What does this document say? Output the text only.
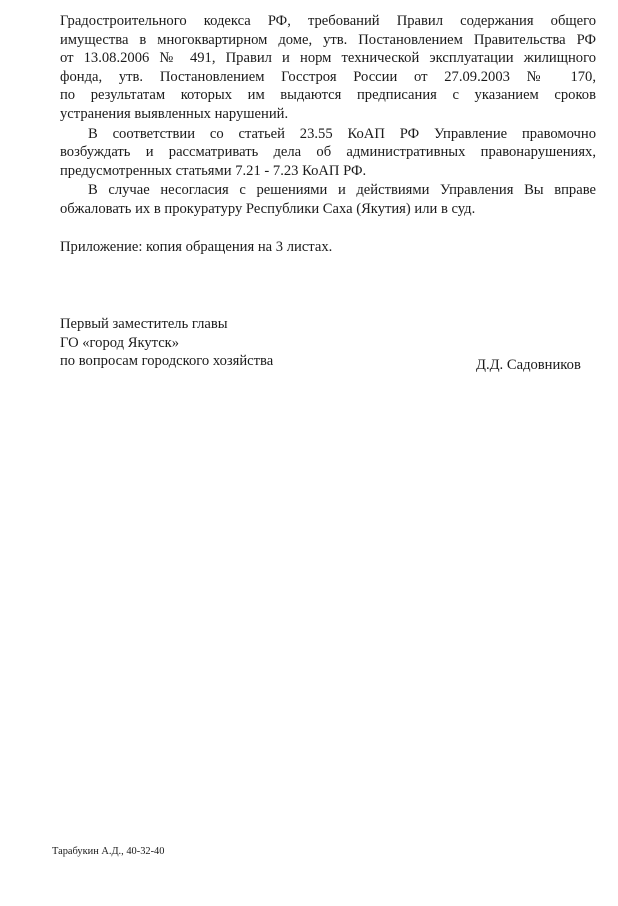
Градостроительного кодекса РФ, требований Правил содержания общего
имущества в многоквартирном доме, утв. Постановлением Правительства РФ
от 13.08.2006 № 491, Правил и норм технической эксплуатации жилищного
фонда, утв. Постановлением Госстроя России от 27.09.2003 № 170,
по результатам которых им выдаются предписания с указанием сроков
устранения выявленных нарушений.
В соответствии со статьей 23.55 КоАП РФ Управление правомочно
возбуждать и рассматривать дела об административных правонарушениях,
предусмотренных статьями 7.21 - 7.23 КоАП РФ.
В случае несогласия с решениями и действиями Управления Вы вправе
обжаловать их в прокуратуру Республики Саха (Якутия) или в суд.
Приложение: копия обращения на 3 листах.
Первый заместитель главы
ГО «город Якутск»
по вопросам городского хозяйства	Д.Д. Садовников
Тарабукин А.Д., 40-32-40
